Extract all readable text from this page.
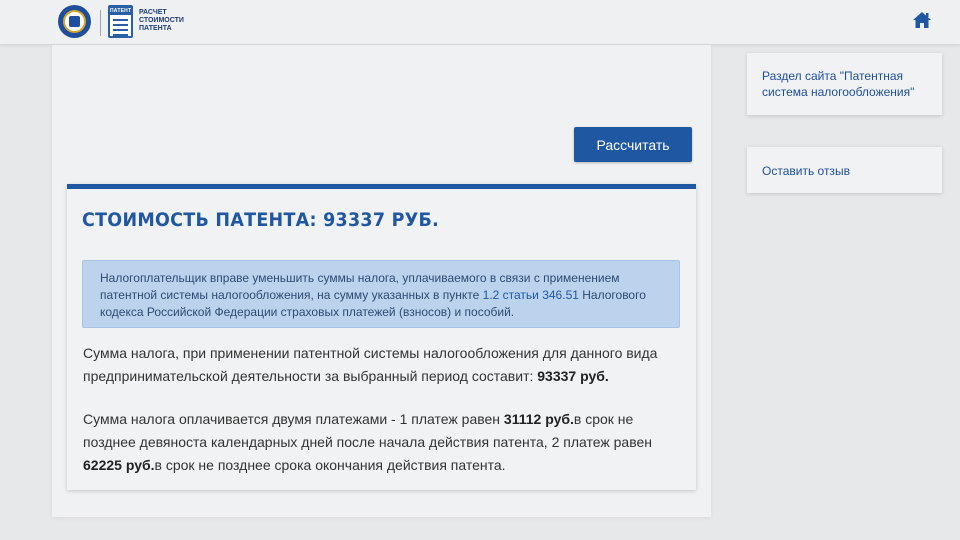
ПАТЕНТ РАСЧЕТ
СТОИМОСТИ
ПАТЕНТА
Рассчитать
СТОИМОСТЬ ПАТЕНТА: 93337 РУБ.
Налогоплательщик вправе уменьшить суммы налога, уплачиваемого в связи с применением патентной системы налогообложения, на сумму указанных в пункте 1.2 статьи 346.51 Налогового кодекса Российской Федерации страховых платежей (взносов) и пособий.
Сумма налога, при применении патентной системы налогообложения для данного вида предпринимательской деятельности за выбранный период составит: 93337 руб.
Сумма налога оплачивается двумя платежами - 1 платеж равен 31112 руб.в срок не позднее девяноста календарных дней после начала действия патента, 2 платеж равен 62225 руб.в срок не позднее срока окончания действия патента.
Раздел сайта "Патентная система налогообложения"
Оставить отзыв
